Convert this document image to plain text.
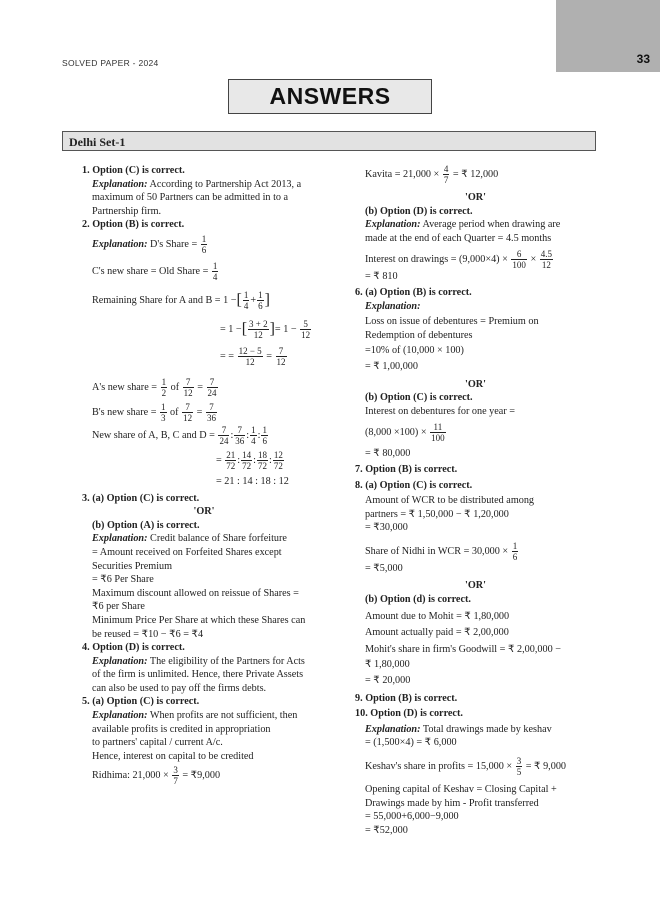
SOLVED PAPER - 2024	33
ANSWERS
Delhi Set-1
1. Option (C) is correct.
Explanation: According to Partnership Act 2013, a
maximum of 50 Partners can be admitted in to a
Partnership firm.
2. Option (B) is correct.
Explanation: D's Share = $\frac{1}{6}$
C's new share = Old Share = $\frac{1}{4}$
Remaining Share for A and B = 1 −[ $\frac{1}{4} + \frac{1}{6}$ ]
= 1 −[ $\frac{3 + 2}{12}$ ]= $1 - \frac{5}{12}$
= = $\frac{12 - 5}{12} = \frac{7}{12}$
A's new share = $\frac{1}{2}$ of $\frac{7}{12} = \frac{7}{24}$
B's new share = $\frac{1}{3}$ of $\frac{7}{12} = \frac{7}{36}$
New share of A, B, C and $D = \frac{7}{24}$ : $\frac{7}{36}$ : $\frac{1}{4}$ : $\frac{1}{6}$
= $\frac{21}{72}$ : $\frac{14}{72}$ : $\frac{18}{72}$ : $\frac{12}{72}$
= 21 : 14 : 18 : 12
3. (a) Option (C) is correct.
'OR'
(b) Option (A) is correct.
Explanation: Credit balance of Share forfeiture
= Amount received on Forfeited Shares except
Securities Premium
= ₹6 Per Share
Maximum discount allowed on reissue of Shares =
₹6 per Share
Minimum Price Per Share at which these Shares can
be reused = ₹10 − ₹6 = ₹4
4. Option (D) is correct.
Explanation: The eligibility of the Partners for Acts
of the firm is unlimited. Hence, there Private Assets
can also be used to pay off the firms debts.
5. (a) Option (C) is correct.
Explanation: When profits are not sufficient, then
available profits is credited in appropriation
to partners' capital / current A/c.
Hence, interest on capital to be credited
Ridhima: $21,000 \times \frac{3}{7}$ = ₹9,000
Kavita = $21,000 \times \frac{4}{7}$ = ₹ 12,000
'OR'
(b) Option (D) is correct.
Explanation: Average period when drawing are
made at the end of each Quarter = 4.5 months
Interest on drawings = $(9,000\times 4) \times \frac{6}{100} \times \frac{4.5}{12}$
= ₹ 810
6. (a) Option (B) is correct.
Explanation:
Loss on issue of debentures = Premium on
Redemption of debentures
=10% of (10,000 × 100)
= ₹ 1,00,000
'OR'
(b) Option (C) is correct.
Interest on debentures for one year =
$(8,000 \times 100) \times \frac{11}{100}$
= ₹ 80,000
7. Option (B) is correct.
8. (a) Option (C) is correct.
Amount of WCR to be distributed among
partners = ₹ 1,50,000 − ₹ 1,20,000
= ₹30,000
Share of Nidhi in WCR = $30,000 \times \frac{1}{6}$
= ₹5,000
'OR'
(b) Option (d) is correct.
Amount due to Mohit = ₹ 1,80,000
Amount actually paid = ₹ 2,00,000
Mohit's share in firm's Goodwill = ₹ 2,00,000 −
₹ 1,80,000
= ₹ 20,000
9. Option (B) is correct.
10. Option (D) is correct.
Explanation: Total drawings made by keshav
= (1,500×4) = ₹ 6,000
Keshav's share in profits = $15,000 \times \frac{3}{5}$ = ₹ 9,000
Opening capital of Keshav = Closing Capital +
Drawings made by him - Profit transferred
= 55,000+6,000−9,000
= ₹52,000
